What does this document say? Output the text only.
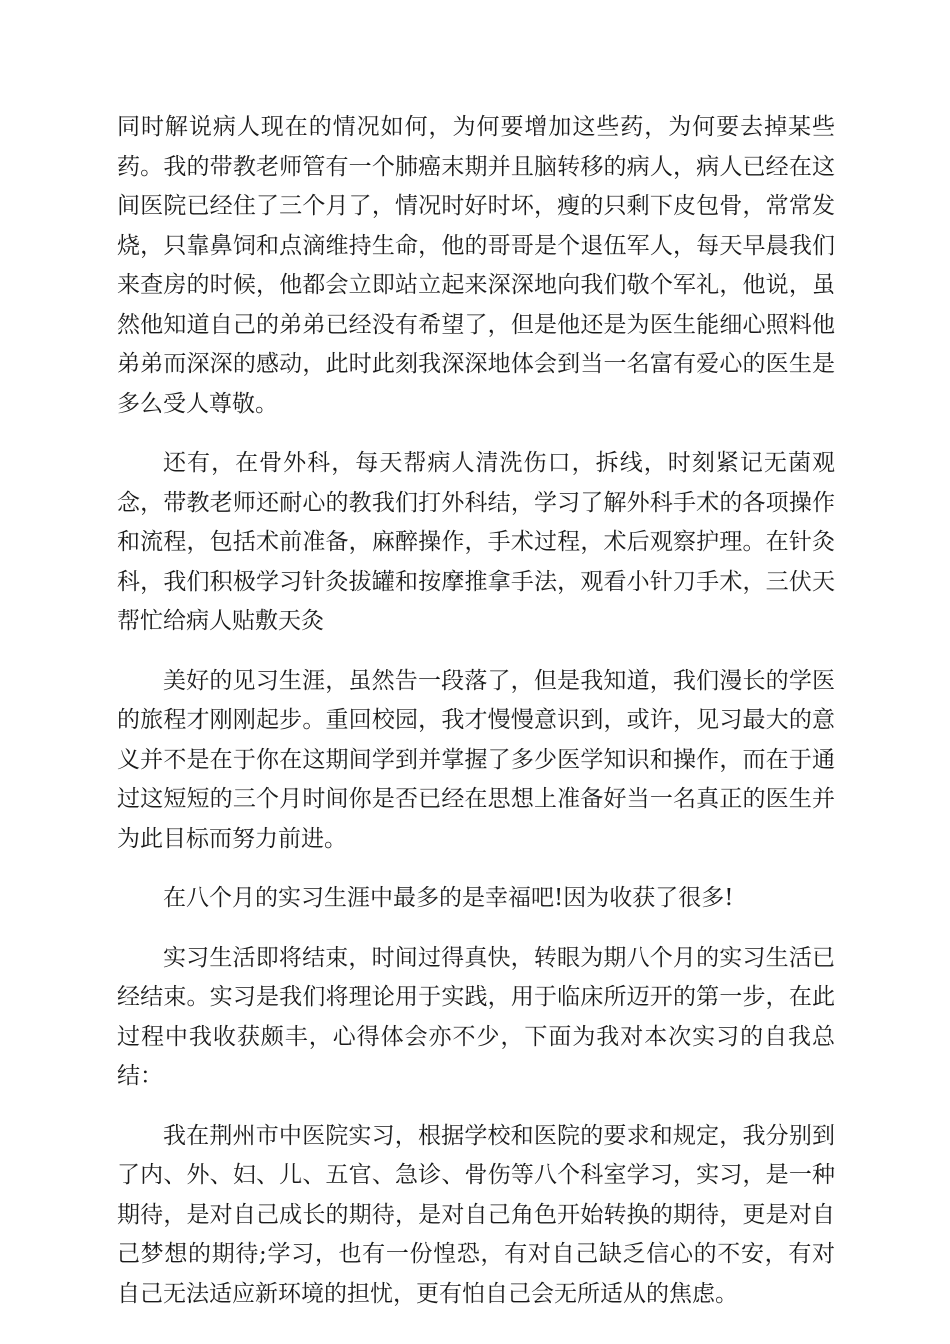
同时解说病人现在的情况如何，为何要增加这些药，为何要去掉某些药。我的带教老师管有一个肺癌末期并且脑转移的病人，病人已经在这间医院已经住了三个月了，情况时好时坏，瘦的只剩下皮包骨，常常发烧，只靠鼻饲和点滴维持生命，他的哥哥是个退伍军人，每天早晨我们来查房的时候，他都会立即站立起来深深地向我们敬个军礼，他说，虽然他知道自己的弟弟已经没有希望了，但是他还是为医生能细心照料他弟弟而深深的感动，此时此刻我深深地体会到当一名富有爱心的医生是多么受人尊敬。

还有，在骨外科，每天帮病人清洗伤口，拆线，时刻紧记无菌观念，带教老师还耐心的教我们打外科结，学习了解外科手术的各项操作和流程，包括术前准备，麻醉操作，手术过程，术后观察护理。在针灸科，我们积极学习针灸拔罐和按摩推拿手法，观看小针刀手术，三伏天帮忙给病人贴敷天灸

美好的见习生涯，虽然告一段落了，但是我知道，我们漫长的学医的旅程才刚刚起步。重回校园，我才慢慢意识到，或许，见习最大的意义并不是在于你在这期间学到并掌握了多少医学知识和操作，而在于通过这短短的三个月时间你是否已经在思想上准备好当一名真正的医生并为此目标而努力前进。

在八个月的实习生涯中最多的是幸福吧!因为收获了很多!

实习生活即将结束，时间过得真快，转眼为期八个月的实习生活已经结束。实习是我们将理论用于实践，用于临床所迈开的第一步，在此过程中我收获颇丰，心得体会亦不少，下面为我对本次实习的自我总结：

我在荆州市中医院实习，根据学校和医院的要求和规定，我分别到了内、外、妇、儿、五官、急诊、骨伤等八个科室学习，实习，是一种期待，是对自己成长的期待，是对自己角色开始转换的期待，更是对自己梦想的期待;学习，也有一份惶恐，有对自己缺乏信心的不安，有对自己无法适应新环境的担忧，更有怕自己会无所适从的焦虑。
